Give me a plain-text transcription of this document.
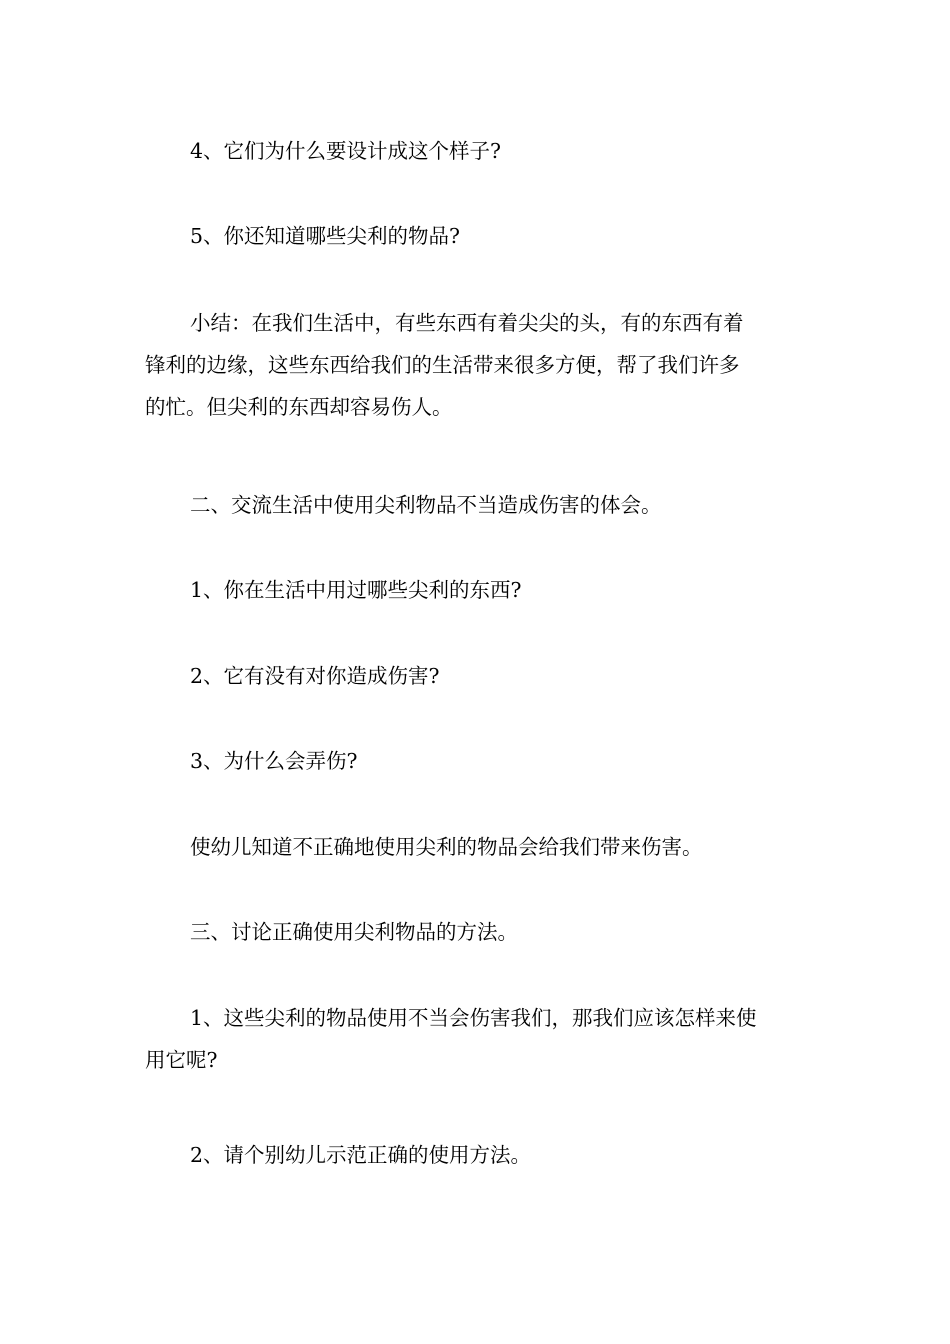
4、它们为什么要设计成这个样子?

5、你还知道哪些尖利的物品?

小结：在我们生活中，有些东西有着尖尖的头，有的东西有着
锋利的边缘，这些东西给我们的生活带来很多方便，帮了我们许多
的忙。但尖利的东西却容易伤人。

二、交流生活中使用尖利物品不当造成伤害的体会。

1、你在生活中用过哪些尖利的东西?

2、它有没有对你造成伤害?

3、为什么会弄伤?

使幼儿知道不正确地使用尖利的物品会给我们带来伤害。

三、讨论正确使用尖利物品的方法。

1、这些尖利的物品使用不当会伤害我们，那我们应该怎样来使
用它呢?

2、请个别幼儿示范正确的使用方法。
